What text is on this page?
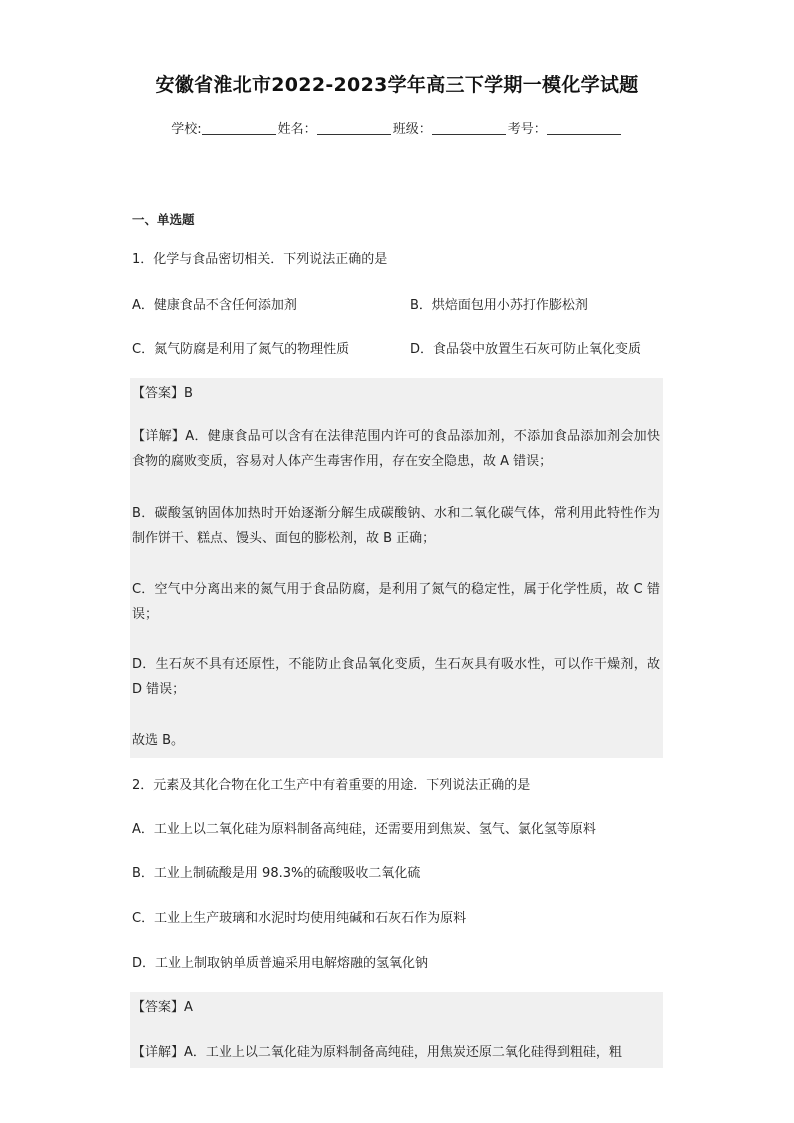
安徽省淮北市2022-2023学年高三下学期一模化学试题
学校:	姓名：	班级：	考号：
一、单选题
1．化学与食品密切相关．下列说法正确的是
A．健康食品不含任何添加剂	B．烘焙面包用小苏打作膨松剂
C．氮气防腐是利用了氮气的物理性质	D．食品袋中放置生石灰可防止氧化变质
【答案】B
【详解】A．健康食品可以含有在法律范围内许可的食品添加剂，不添加食品添加剂会加快食物的腐败变质，容易对人体产生毒害作用，存在安全隐患，故 A 错误；
B．碳酸氢钠固体加热时开始逐渐分解生成碳酸钠、水和二氧化碳气体，常利用此特性作为制作饼干、糕点、馒头、面包的膨松剂，故 B 正确；
C．空气中分离出来的氮气用于食品防腐，是利用了氮气的稳定性，属于化学性质，故 C 错误；
D．生石灰不具有还原性，不能防止食品氧化变质，生石灰具有吸水性，可以作干燥剂，故 D 错误；
故选 B。
2．元素及其化合物在化工生产中有着重要的用途．下列说法正确的是
A．工业上以二氧化硅为原料制备高纯硅，还需要用到焦炭、氢气、氯化氢等原料
B．工业上制硫酸是用 98.3%的硫酸吸收二氧化硫
C．工业上生产玻璃和水泥时均使用纯碱和石灰石作为原料
D．工业上制取钠单质普遍采用电解熔融的氢氧化钠
【答案】A
【详解】A．工业上以二氧化硅为原料制备高纯硅，用焦炭还原二氧化硅得到粗硅，粗
